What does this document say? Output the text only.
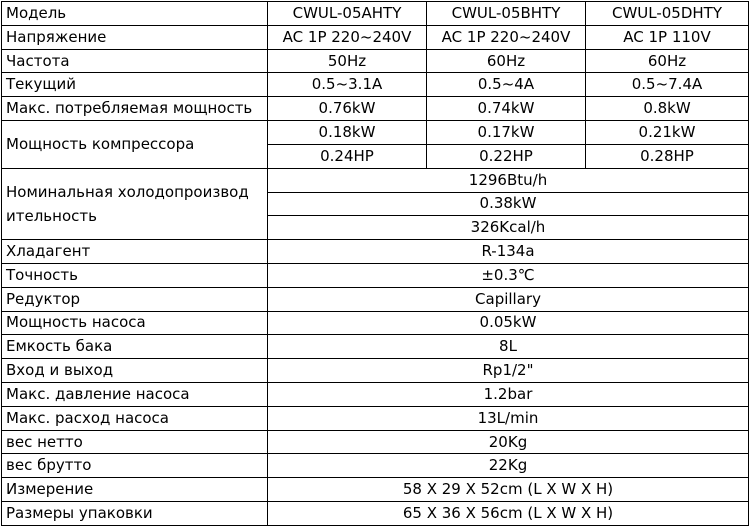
Модель	CWUL-05AHTY	CWUL-05BHTY	CWUL-05DHTY
Напряжение	AC 1P 220~240V	AC 1P 220~240V	AC 1P 110V
Частота	50Hz	60Hz	60Hz
Текущий	0.5~3.1A	0.5~4A	0.5~7.4A
Макс. потребляемая мощность	0.76kW	0.74kW	0.8kW
Мощность компрессора	0.18kW	0.17kW	0.21kW
	0.24HP	0.22HP	0.28HP
Номинальная холодопроизвод ительность	1296Btu/h		
	0.38kW		
	326Kcal/h		
Хладагент	R-134a		
Точность	±0.3℃		
Редуктор	Capillary		
Мощность насоса	0.05kW		
Емкость бака	8L		
Вход и выход	Rp1/2"		
Макс. давление насоса	1.2bar		
Макс. расход насоса	13L/min		
вес нетто	20Kg		
вес брутто	22Kg		
Измерение	58 X 29 X 52cm (L X W X H)		
Размеры упаковки	65 X 36 X 56cm (L X W X H)		
